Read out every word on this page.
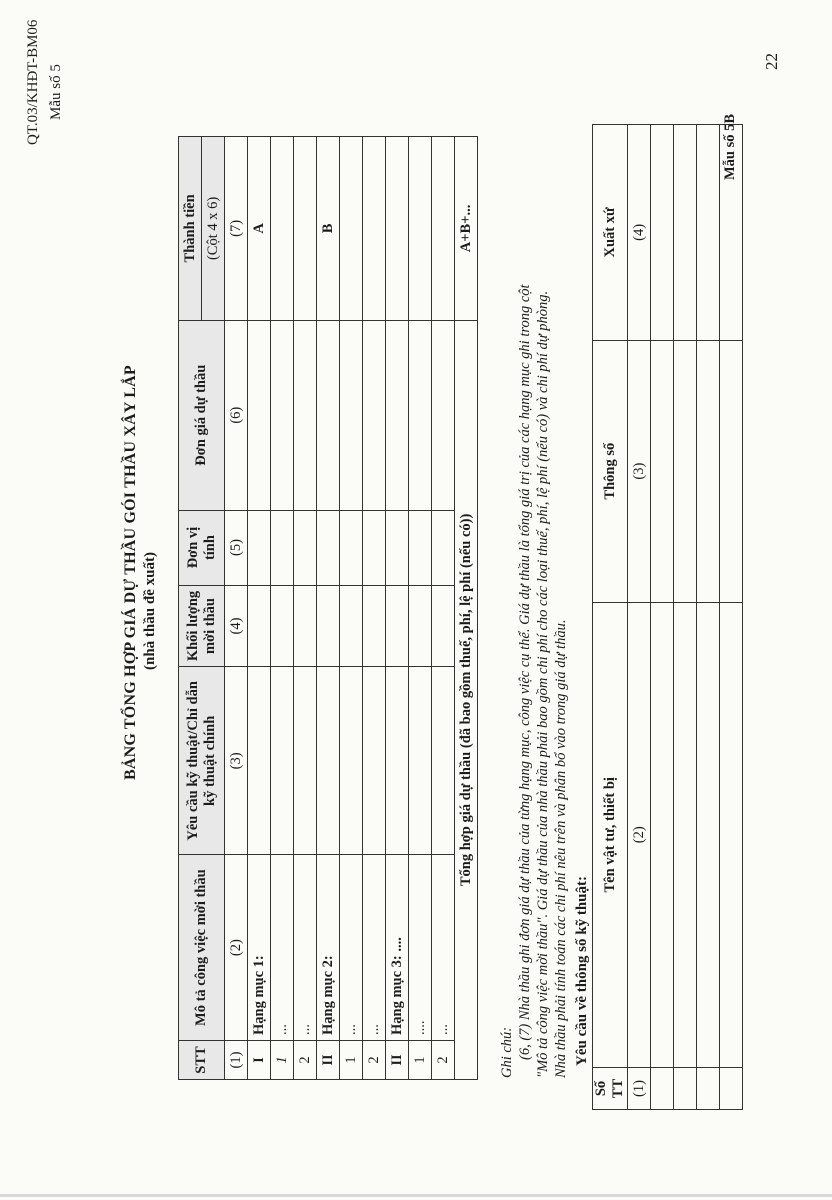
QT.03/KHĐT-BM06 Mẫu số 5
BẢNG TỔNG HỢP GIÁ DỰ THẦU GÓI THẦU XÂY LẮP (nhà thầu đề xuất)
STT	Mô tả công việc mời thầu	Yêu cầu kỹ thuật/Chỉ dẫn kỹ thuật chính	Khối lượng mời thầu	Đơn vị tính	Đơn giá dự thầu	Thành tiền
						(Cột 4 x 6)
(1)	(2)	(3)	(4)	(5)	(6)	(7)
I	Hạng mục 1:					A
1	...					
2	...					
II	Hạng mục 2:					B
1	...					
2	...					
II	Hạng mục 3: ....					
1	....					
2	...					
Tổng hợp giá dự thầu (đã bao gồm thuế, phí, lệ phí (nếu có))						A+B+...
Ghi chú: (6, (7) Nhà thầu ghi đơn giá dự thầu của từng hạng mục, công việc cụ thể. Giá dự thầu là tổng giá trị của các hạng mục ghi trong cột "Mô tả công việc mời thầu". Giá dự thầu của nhà thầu phải bao gồm chi phí cho các loại thuế, phí, lệ phí (nếu có) và chi phí dự phòng. Nhà thầu phải tính toán các chi phí nêu trên và phân bổ vào trong giá dự thầu. Yêu cầu về thông số kỹ thuật:
Số TT	Tên vật tư, thiết bị	Thông số	Xuất xứ
(1)	(2)	(3)	(4)

Mẫu số 5B
22
